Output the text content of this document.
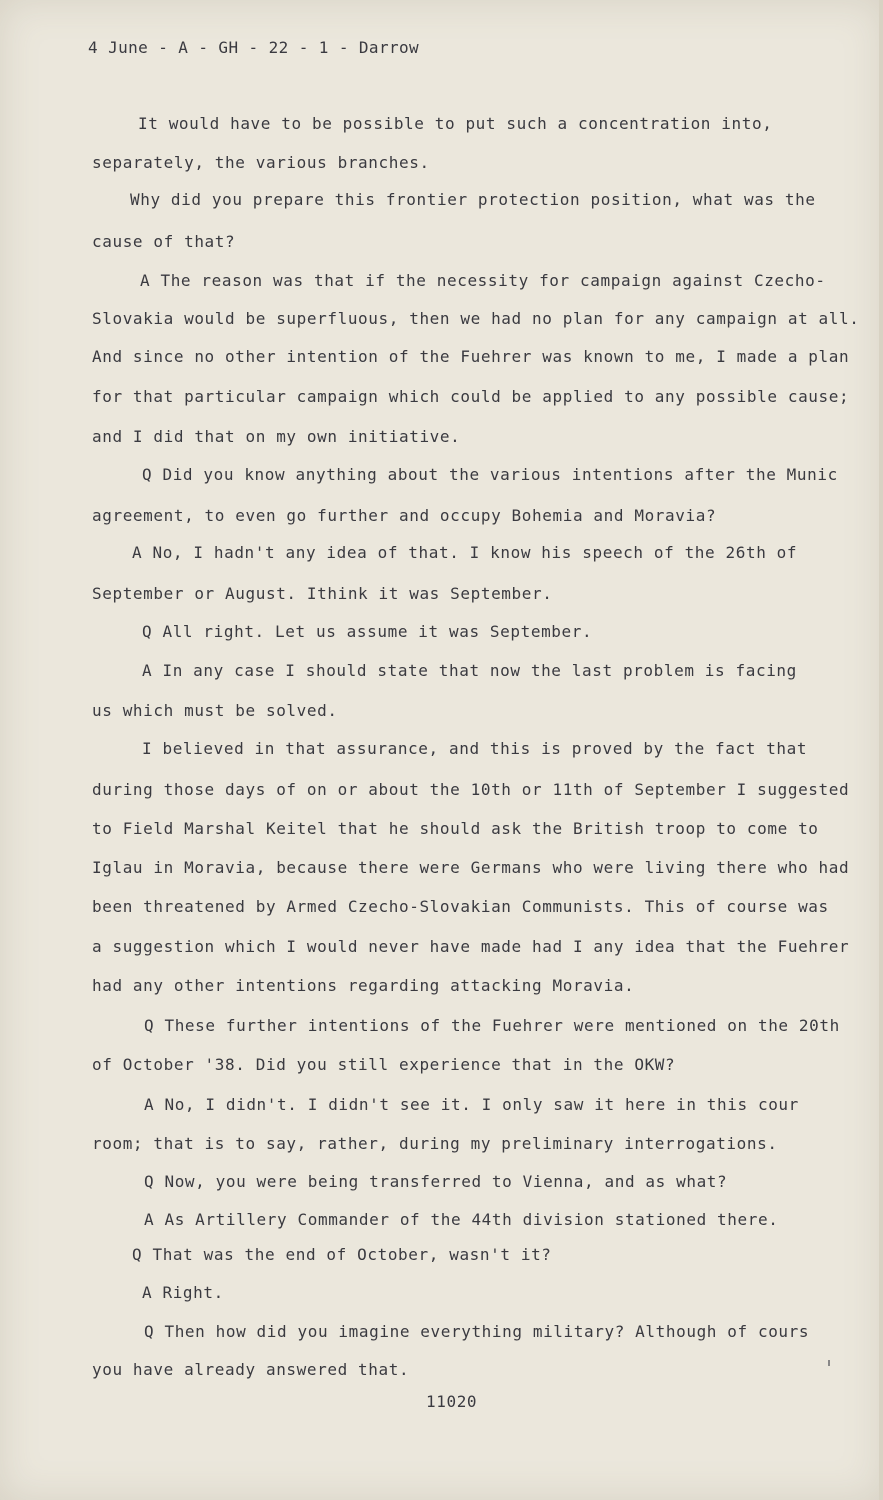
4 June - A - GH - 22 - 1 - Darrow
It would have to be possible to put such a concentration into,
separately, the various branches.
Why did you prepare this frontier protection position, what was the
cause of that?
A The reason was that if the necessity for campaign against Czecho-
Slovakia would be superfluous, then we had no plan for any campaign at all.
And since no other intention of the Fuehrer was known to me, I made a plan
for that particular campaign which could be applied to any possible cause;
and I did that on my own initiative.
Q Did you know anything about the various intentions after the Munic
agreement, to even go further and occupy Bohemia and Moravia?
A No, I hadn't any idea of that. I know his speech of the 26th of
September or August. Ithink it was September.
Q All right. Let us assume it was September.
A In any case I should state that now the last problem is facing
us which must be solved.
I believed in that assurance, and this is proved by the fact that
during those days of on or about the 10th or 11th of September I suggested
to Field Marshal Keitel that he should ask the British troop to come to
Iglau in Moravia, because there were Germans who were living there who had
been threatened by Armed Czecho-Slovakian Communists. This of course was
a suggestion which I would never have made had I any idea that the Fuehrer
had any other intentions regarding attacking Moravia.
Q These further intentions of the Fuehrer were mentioned on the 20th
of October '38. Did you still experience that in the OKW?
A No, I didn't. I didn't see it. I only saw it here in this cour
room; that is to say, rather, during my preliminary interrogations.
Q Now, you were being transferred to Vienna, and as what?
A As Artillery Commander of the 44th division stationed there.
Q That was the end of October, wasn't it?
A Right.
Q Then how did you imagine everything military? Although of cours
you have already answered that.
11020
